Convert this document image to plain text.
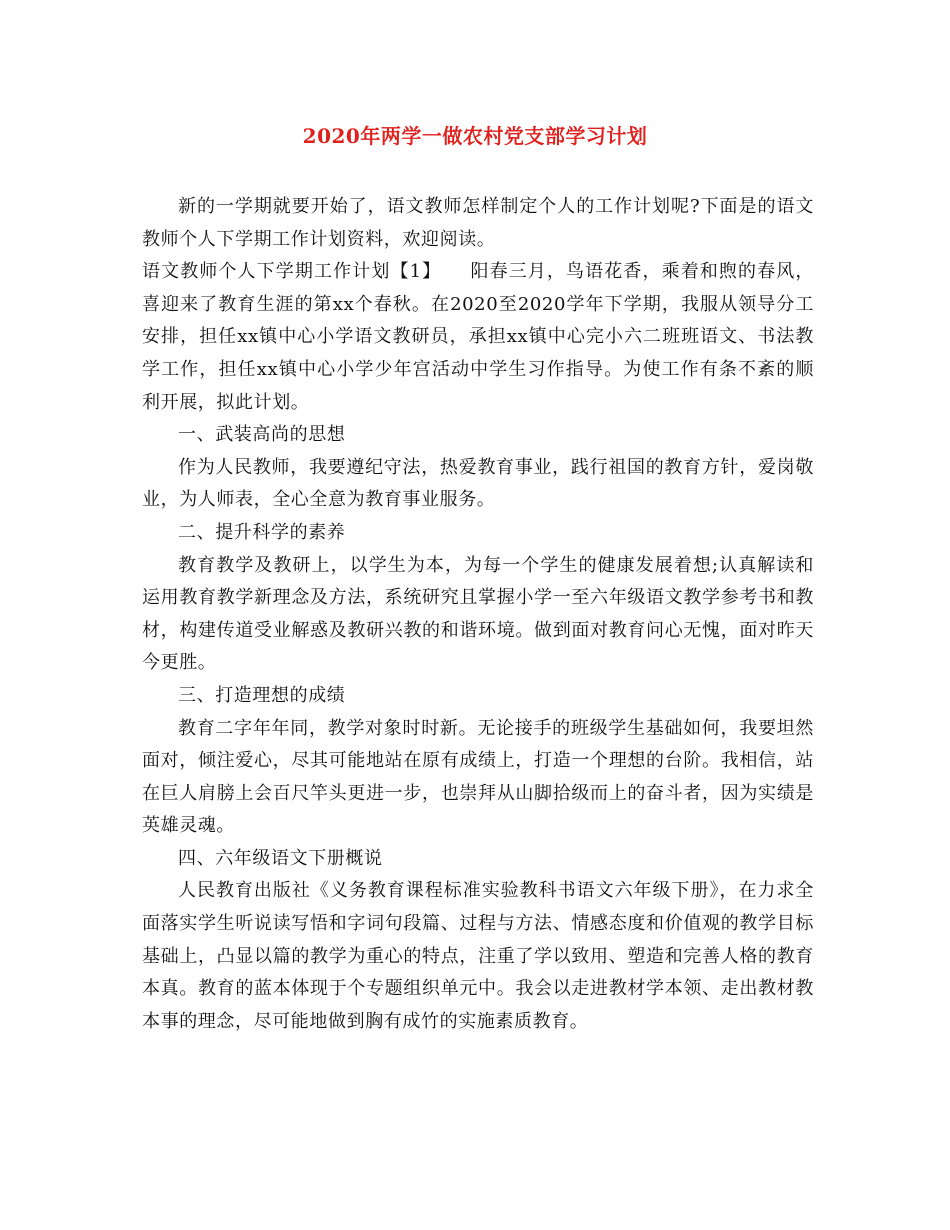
2020年两学一做农村党支部学习计划

新的一学期就要开始了，语文教师怎样制定个人的工作计划呢?下面是的语文教师个人下学期工作计划资料，欢迎阅读。

语文教师个人下学期工作计划【1】　　阳春三月，鸟语花香，乘着和煦的春风，喜迎来了教育生涯的第xx个春秋。在2020至2020学年下学期，我服从领导分工安排，担任xx镇中心小学语文教研员，承担xx镇中心完小六二班班语文、书法教学工作，担任xx镇中心小学少年宫活动中学生习作指导。为使工作有条不紊的顺利开展，拟此计划。

一、武装高尚的思想

作为人民教师，我要遵纪守法，热爱教育事业，践行祖国的教育方针，爱岗敬业，为人师表，全心全意为教育事业服务。

二、提升科学的素养

教育教学及教研上，以学生为本，为每一个学生的健康发展着想;认真解读和运用教育教学新理念及方法，系统研究且掌握小学一至六年级语文教学参考书和教材，构建传道受业解惑及教研兴教的和谐环境。做到面对教育问心无愧，面对昨天今更胜。

三、打造理想的成绩

教育二字年年同，教学对象时时新。无论接手的班级学生基础如何，我要坦然面对，倾注爱心，尽其可能地站在原有成绩上，打造一个理想的台阶。我相信，站在巨人肩膀上会百尺竿头更进一步，也崇拜从山脚拾级而上的奋斗者，因为实绩是英雄灵魂。

四、六年级语文下册概说

人民教育出版社《义务教育课程标准实验教科书语文六年级下册》，在力求全面落实学生听说读写悟和字词句段篇、过程与方法、情感态度和价值观的教学目标基础上，凸显以篇的教学为重心的特点，注重了学以致用、塑造和完善人格的教育本真。教育的蓝本体现于个专题组织单元中。我会以走进教材学本领、走出教材教本事的理念，尽可能地做到胸有成竹的实施素质教育。
